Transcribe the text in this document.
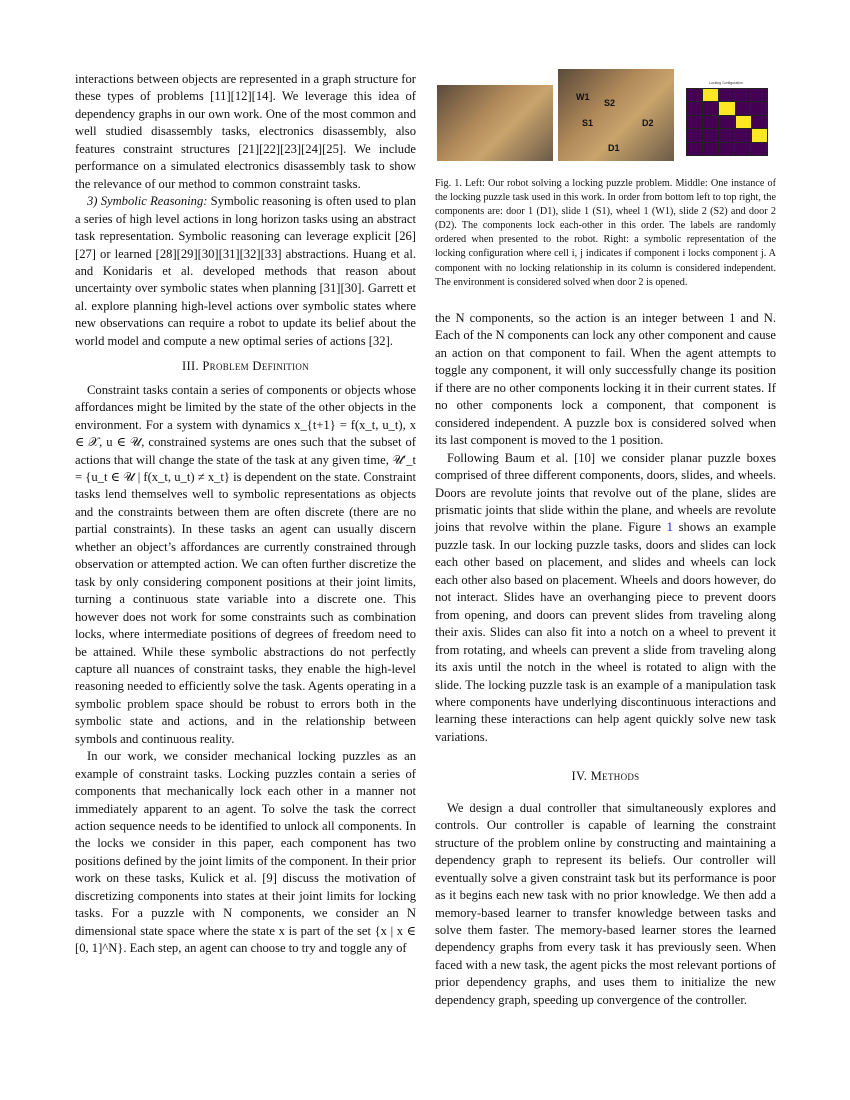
interactions between objects are represented in a graph structure for these types of problems [11][12][14]. We leverage this idea of dependency graphs in our own work. One of the most common and well studied disassembly tasks, electronics disassembly, also features constraint structures [21][22][23][24][25]. We include performance on a simulated electronics disassembly task to show the relevance of our method to common constraint tasks.

3) Symbolic Reasoning: Symbolic reasoning is often used to plan a series of high level actions in long horizon tasks using an abstract task representation. Symbolic reasoning can leverage explicit [26][27] or learned [28][29][30][31][32][33] abstractions. Huang et al. and Konidaris et al. developed methods that reason about uncertainty over symbolic states when planning [31][30]. Garrett et al. explore planning high-level actions over symbolic states where new observations can require a robot to update its belief about the world model and compute a new optimal series of actions [32].

III. Problem Definition

Constraint tasks contain a series of components or objects whose affordances might be limited by the state of the other objects in the environment. For a system with dynamics x_{t+1} = f(x_t, u_t), x ∈ 𝒳, u ∈ 𝒰, constrained systems are ones such that the subset of actions that will change the state of the task at any given time, 𝒰′_t = {u_t ∈ 𝒰 | f(x_t, u_t) ≠ x_t} is dependent on the state. Constraint tasks lend themselves well to symbolic representations as objects and the constraints between them are often discrete (there are no partial constraints). In these tasks an agent can usually discern whether an object’s affordances are currently constrained through observation or attempted action. We can often further discretize the task by only considering component positions at their joint limits, turning a continuous state variable into a discrete one. This however does not work for some constraints such as combination locks, where intermediate positions of degrees of freedom need to be attained. While these symbolic abstractions do not perfectly capture all nuances of constraint tasks, they enable the high-level reasoning needed to efficiently solve the task. Agents operating in a symbolic problem space should be robust to errors both in the symbolic state and actions, and in the relationship between symbols and continuous reality.

In our work, we consider mechanical locking puzzles as an example of constraint tasks. Locking puzzles contain a series of components that mechanically lock each other in a manner not immediately apparent to an agent. To solve the task the correct action sequence needs to be identified to unlock all components. In the locks we consider in this paper, each component has two positions defined by the joint limits of the component. In their prior work on these tasks, Kulick et al. [9] discuss the motivation of discretizing components into states at their joint limits for locking tasks. For a puzzle with N components, we consider an N dimensional state space where the state x is part of the set {x | x ∈ [0, 1]^N}. Each step, an agent can choose to try and toggle any of

W1
S2
S1	D2
D1
Locking Configuration
Fig. 1. Left: Our robot solving a locking puzzle problem. Middle: One instance of the locking puzzle task used in this work. In order from bottom left to top right, the components are: door 1 (D1), slide 1 (S1), wheel 1 (W1), slide 2 (S2) and door 2 (D2). The components lock each-other in this order. The labels are randomly ordered when presented to the robot. Right: a symbolic representation of the locking configuration where cell i, j indicates if component i locks component j. A component with no locking relationship in its column is considered independent. The environment is considered solved when door 2 is opened.

the N components, so the action is an integer between 1 and N. Each of the N components can lock any other component and cause an action on that component to fail. When the agent attempts to toggle any component, it will only successfully change its position if there are no other components locking it in their current states. If no other components lock a component, that component is considered independent. A puzzle box is considered solved when its last component is moved to the 1 position.

Following Baum et al. [10] we consider planar puzzle boxes comprised of three different components, doors, slides, and wheels. Doors are revolute joints that revolve out of the plane, slides are prismatic joints that slide within the plane, and wheels are revolute joins that revolve within the plane. Figure 1 shows an example puzzle task. In our locking puzzle tasks, doors and slides can lock each other based on placement, and slides and wheels can lock each other also based on placement. Wheels and doors however, do not interact. Slides have an overhanging piece to prevent doors from opening, and doors can prevent slides from traveling along their axis. Slides can also fit into a notch on a wheel to prevent it from rotating, and wheels can prevent a slide from traveling along its axis until the notch in the wheel is rotated to align with the slide. The locking puzzle task is an example of a manipulation task where components have underlying discontinuous interactions and learning these interactions can help agent quickly solve new task variations.

IV. Methods

We design a dual controller that simultaneously explores and controls. Our controller is capable of learning the constraint structure of the problem online by constructing and maintaining a dependency graph to represent its beliefs. Our controller will eventually solve a given constraint task but its performance is poor as it begins each new task with no prior knowledge. We then add a memory-based learner to transfer knowledge between tasks and solve them faster. The memory-based learner stores the learned dependency graphs from every task it has previously seen. When faced with a new task, the agent picks the most relevant portions of prior dependency graphs, and uses them to initialize the new dependency graph, speeding up convergence of the controller.
